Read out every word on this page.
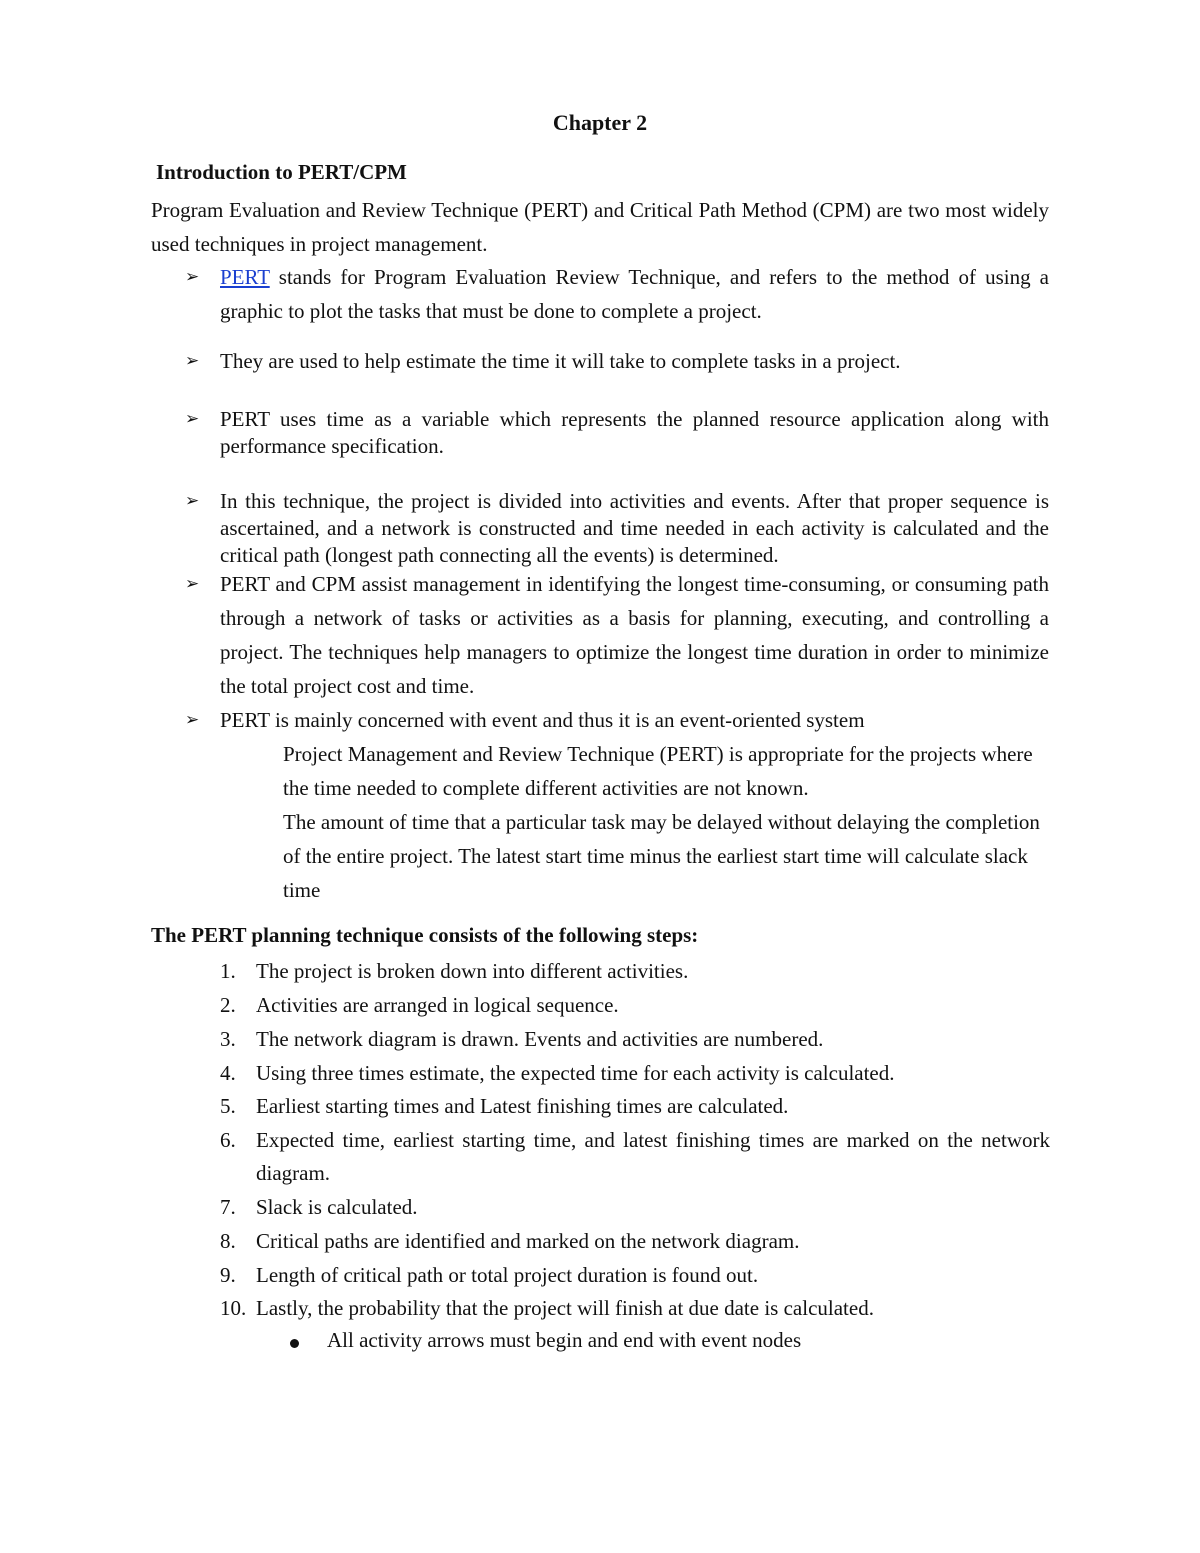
Chapter 2
Introduction to PERT/CPM
Program Evaluation and Review Technique (PERT) and Critical Path Method (CPM) are two most widely used techniques in project management.
➢ PERT stands for Program Evaluation Review Technique, and refers to the method of using a graphic to plot the tasks that must be done to complete a project.
➢ They are used to help estimate the time it will take to complete tasks in a project.
➢ PERT uses time as a variable which represents the planned resource application along with performance specification.
➢ In this technique, the project is divided into activities and events. After that proper sequence is ascertained, and a network is constructed and time needed in each activity is calculated and the critical path (longest path connecting all the events) is determined.
➢ PERT and CPM assist management in identifying the longest time-consuming, or consuming path through a network of tasks or activities as a basis for planning, executing, and controlling a project. The techniques help managers to optimize the longest time duration in order to minimize the total project cost and time.
➢ PERT is mainly concerned with event and thus it is an event-oriented system
Project Management and Review Technique (PERT) is appropriate for the projects where the time needed to complete different activities are not known.
The amount of time that a particular task may be delayed without delaying the completion of the entire project. The latest start time minus the earliest start time will calculate slack time
The PERT planning technique consists of the following steps:
1. The project is broken down into different activities.
2. Activities are arranged in logical sequence.
3. The network diagram is drawn. Events and activities are numbered.
4. Using three times estimate, the expected time for each activity is calculated.
5. Earliest starting times and Latest finishing times are calculated.
6. Expected time, earliest starting time, and latest finishing times are marked on the network diagram.
7. Slack is calculated.
8. Critical paths are identified and marked on the network diagram.
9. Length of critical path or total project duration is found out.
10. Lastly, the probability that the project will finish at due date is calculated.
All activity arrows must begin and end with event nodes
